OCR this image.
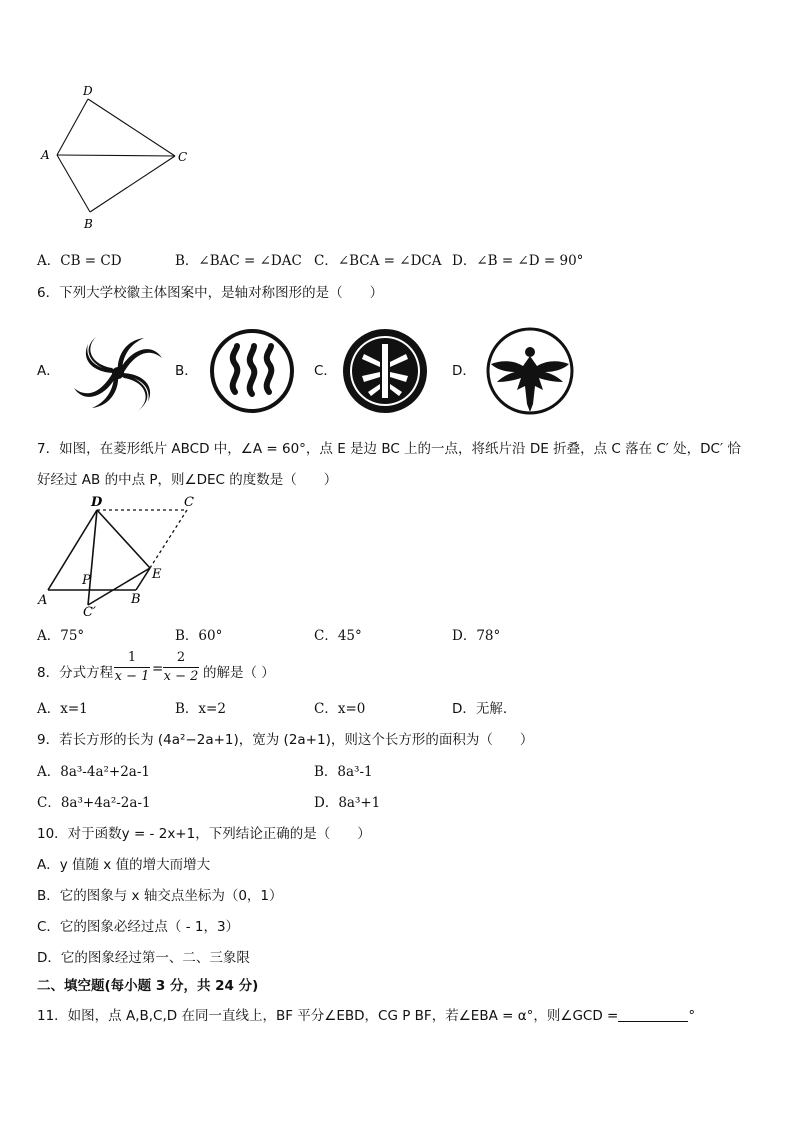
D
A	C
B
A．CB = CD	B．∠BAC = ∠DAC C．∠BCA = ∠DCA D．∠B = ∠D = 90°
6．下列大学校徽主体图案中，是轴对称图形的是（　　）
A．	B．	C．	D．
7．如图，在菱形纸片 ABCD 中，∠A = 60°，点 E 是边 BC 上的一点，将纸片沿 DE 折叠，点 C 落在 C′ 处，DC′ 恰
好经过 AB 的中点 P，则∠DEC 的度数是（　　）
D	C
A
P	E
B
C′
A．75°	B．60°	C．45°	D．78°
8．分式方程
1
x − 1 =
2
x − 2 的解是（ ）
A．x=1	B．x=2	C．x=0	D．无解．
9．若长方形的长为 (4a²−2a+1)，宽为 (2a+1)，则这个长方形的面积为（　　）
A．8a³-4a²+2a-1	B．8a³-1
C．8a³+4a²-2a-1	D．8a³+1
10．对于函数y = - 2x+1，下列结论正确的是（　　）
A．y 值随 x 值的增大而增大
B．它的图象与 x 轴交点坐标为（0，1）
C．它的图象必经过点（ - 1，3）
D．它的图象经过第一、二、三象限
二、填空题(每小题 3 分，共 24 分)
11．如图，点 A,B,C,D 在同一直线上，BF 平分∠EBD，CG P BF，若∠EBA = α°，则∠GCD =	°
